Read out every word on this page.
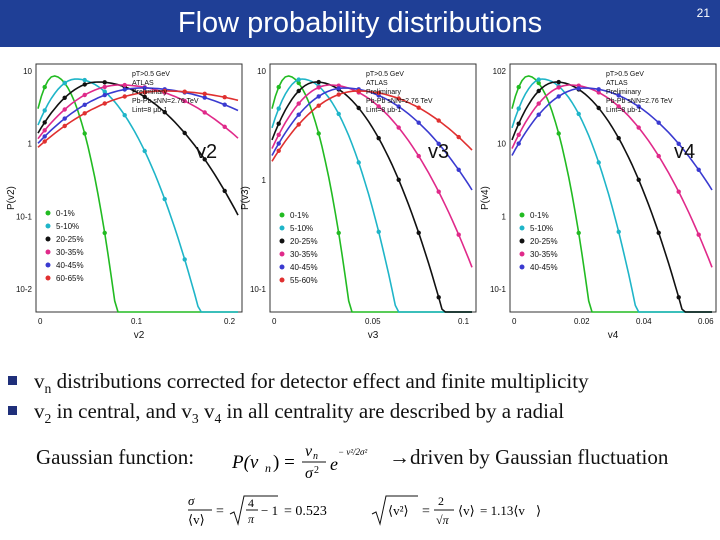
Flow probability distributions	21
v2
P(v2)
v2
0	0.1	0.2
10
1
10-1
10-2
pT>0.5 GeV
ATLAS
Preliminary
Pb-Pb sNN=2.76 TeV
Lint=8 μb-1
0-1%
5-10%
20-25%
30-35%
40-45%
60-65%
v3
P(v3)
v3
0	0.05	0.1
10
1
10-1
pT>0.5 GeV
ATLAS
Preliminary
Pb-Pb sNN=2.76 TeV
Lint=8 μb-1
0-1%
5-10%
20-25%
30-35%
40-45%
55-60%
v4
P(v4)
v4
0	0.02	0.04	0.06
102
10
1
10-1
pT>0.5 GeV
ATLAS
Preliminary
Pb-Pb sNN=2.76 TeV
Lint=8 μb-1
0-1%
5-10%
20-25%
30-35%
40-45%
$v_n$ distributions corrected for detector effect and finite multiplicity
$v_2$ in central, and $v_3$ $v_4$ in all centrality are described by a radial
Gaussian function: P(v n ) =
v n
σ 2 e
− v²/2σ² →driven by Gaussian fluctuation
σ
⟨v⟩
=
4
π
− 1 = 0.523	⟨v²⟩ =
2
√π
⟨v⟩ = 1.13⟨v ⟩
